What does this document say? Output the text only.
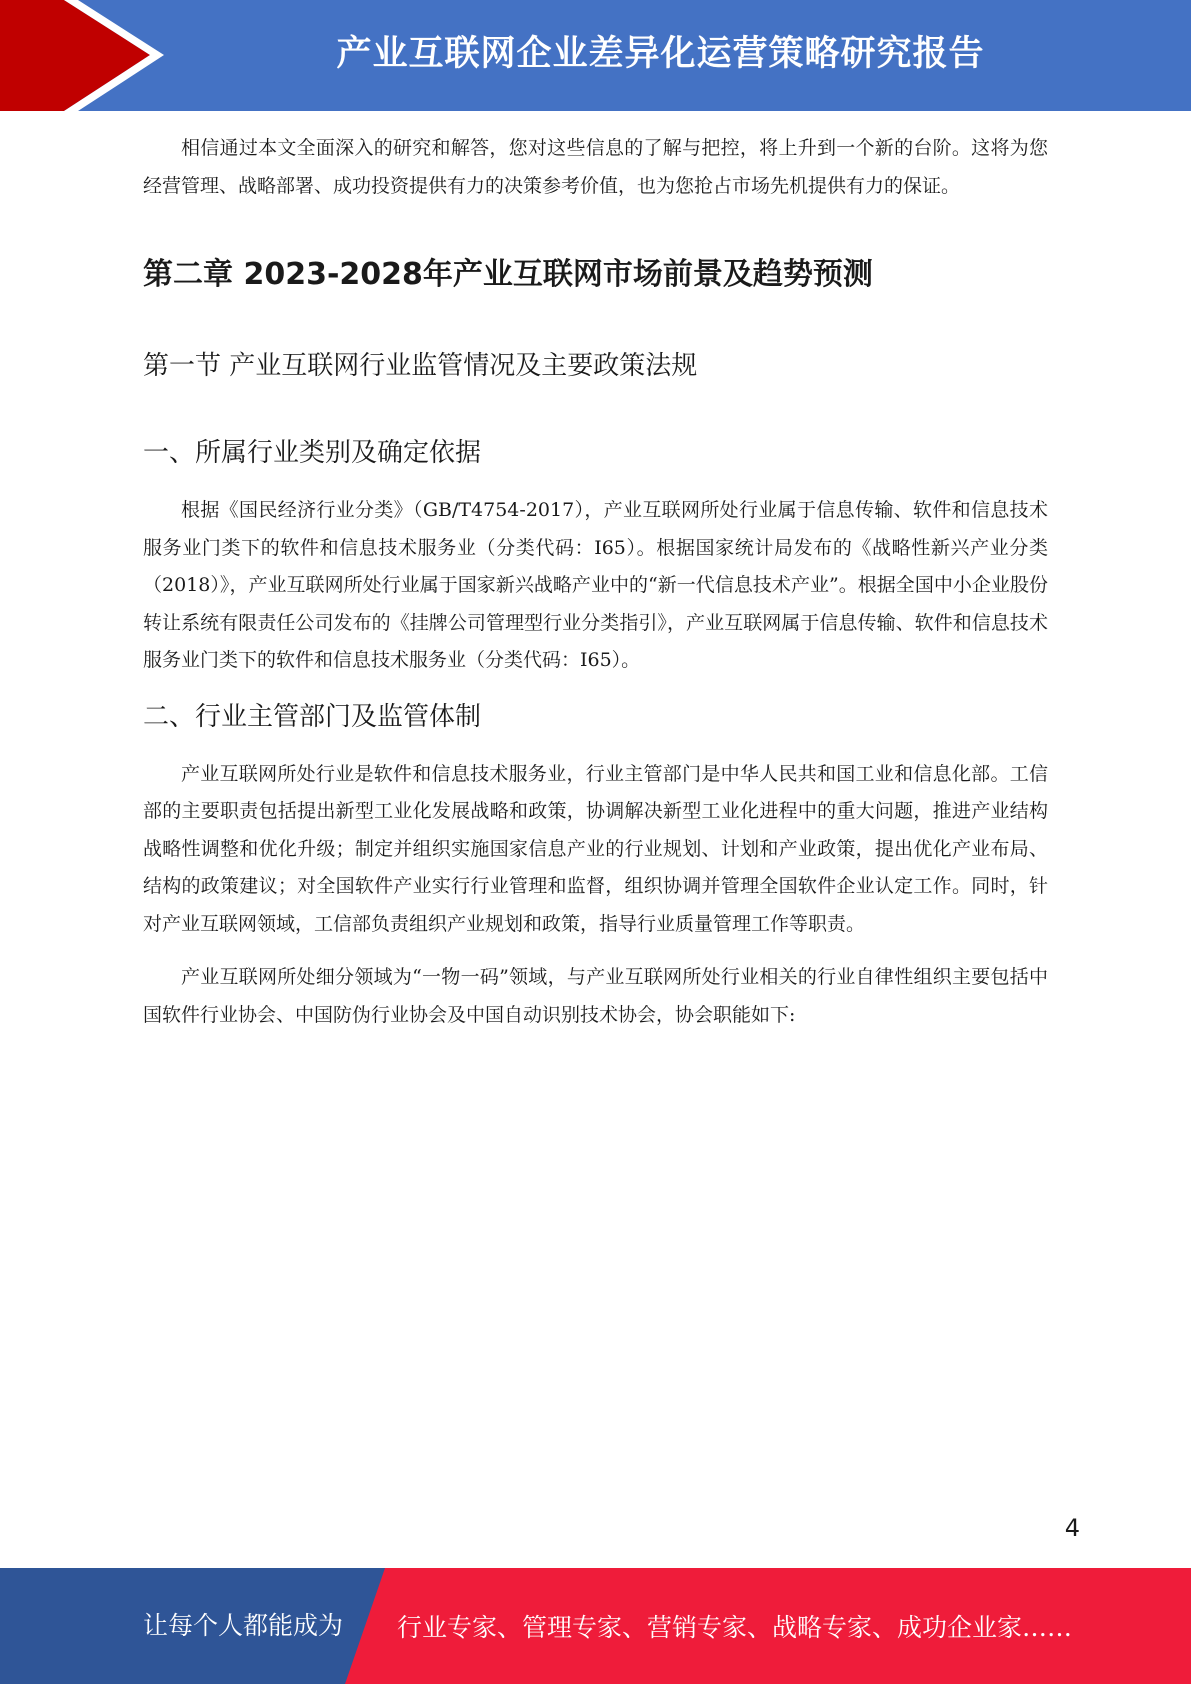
产业互联网企业差异化运营策略研究报告

相信通过本文全面深入的研究和解答，您对这些信息的了解与把控，将上升到一个新的台阶。这将为您经营管理、战略部署、成功投资提供有力的决策参考价值，也为您抢占市场先机提供有力的保证。

第二章 2023-2028年产业互联网市场前景及趋势预测
第一节 产业互联网行业监管情况及主要政策法规
一、所属行业类别及确定依据

根据《国民经济行业分类》（GB/T4754-2017），产业互联网所处行业属于信息传输、软件和信息技术服务业门类下的软件和信息技术服务业（分类代码：I65）。根据国家统计局发布的《战略性新兴产业分类（2018）》，产业互联网所处行业属于国家新兴战略产业中的“新一代信息技术产业”。根据全国中小企业股份转让系统有限责任公司发布的《挂牌公司管理型行业分类指引》，产业互联网属于信息传输、软件和信息技术服务业门类下的软件和信息技术服务业（分类代码：I65）。

二、行业主管部门及监管体制

产业互联网所处行业是软件和信息技术服务业，行业主管部门是中华人民共和国工业和信息化部。工信部的主要职责包括提出新型工业化发展战略和政策，协调解决新型工业化进程中的重大问题，推进产业结构战略性调整和优化升级；制定并组织实施国家信息产业的行业规划、计划和产业政策，提出优化产业布局、结构的政策建议；对全国软件产业实行行业管理和监督，组织协调并管理全国软件企业认定工作。同时，针对产业互联网领域，工信部负责组织产业规划和政策，指导行业质量管理工作等职责。

产业互联网所处细分领域为“一物一码”领域，与产业互联网所处行业相关的行业自律性组织主要包括中国软件行业协会、中国防伪行业协会及中国自动识别技术协会，协会职能如下:

4
让每个人都能成为 行业专家、管理专家、营销专家、战略专家、成功企业家……
